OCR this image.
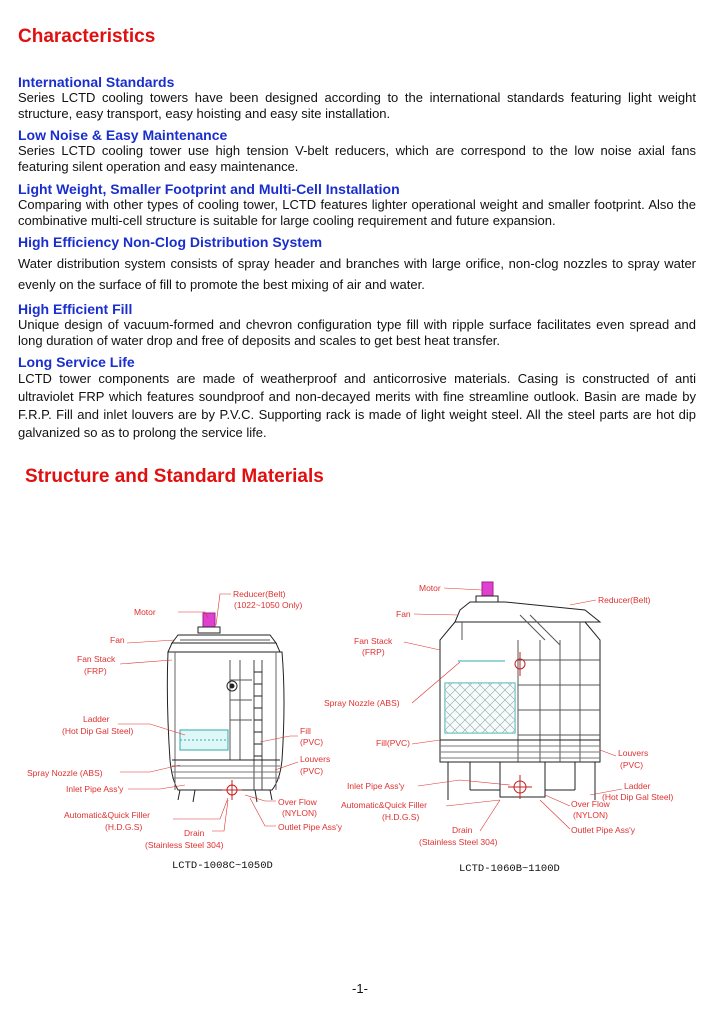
Characteristics
International Standards

Series LCTD cooling towers have been designed according to the international standards featuring light weight structure, easy transport, easy hoisting and easy site installation.

Low Noise & Easy Maintenance

Series LCTD cooling tower use high tension V-belt reducers, which are correspond to the low noise axial fans featuring silent operation and easy maintenance.

Light Weight, Smaller Footprint and Multi-Cell Installation

Comparing with other types of cooling tower, LCTD features lighter operational weight and smaller footprint. Also the combinative multi-cell structure is suitable for large cooling requirement and future expansion.

High Efficiency Non-Clog Distribution System

Water distribution system consists of spray header and branches with large orifice, non-clog nozzles to spray water evenly on the surface of fill to promote the best mixing of air and water.

High Efficient Fill

Unique design of vacuum-formed and chevron configuration type fill with ripple surface facilitates even spread and long duration of water drop and free of deposits and scales to get best heat transfer.

Long Service Life

LCTD tower components are made of weatherproof and anticorrosive materials. Casing is constructed of anti ultraviolet FRP which features soundproof and non-decayed merits with fine streamline outlook. Basin are made by F.R.P. Fill and inlet louvers are by P.V.C. Supporting rack is made of light weight steel. All the steel parts are hot dip galvanized so as to prolong the service life.

Structure and Standard Materials
Reducer(Belt)
(1022~1050 Only)
Motor
Fan
Fan Stack
(FRP)
Ladder
(Hot Dip Gal Steel)	Fill
(PVC)
Louvers
(PVC)
Spray Nozzle (ABS)
Inlet Pipe Ass'y
Over Flow
(NYLON)
Automatic&Quick Filler
(H.D.G.S)	Outlet Pipe Ass'y
Drain
(Stainless Steel 304)
LCTD-1008C~1050D
Motor
Reducer(Belt)
Fan
Fan Stack
(FRP)
Spray Nozzle (ABS)
Fill(PVC)
Louvers
(PVC)
Inlet Pipe Ass'y	Ladder
(Hot Dip Gal Steel)
Automatic&Quick Filler
(H.D.G.S)
Over Flow
(NYLON)
Drain
(Stainless Steel 304)
Outlet Pipe Ass'y
LCTD-1060B~1100D
-1-
